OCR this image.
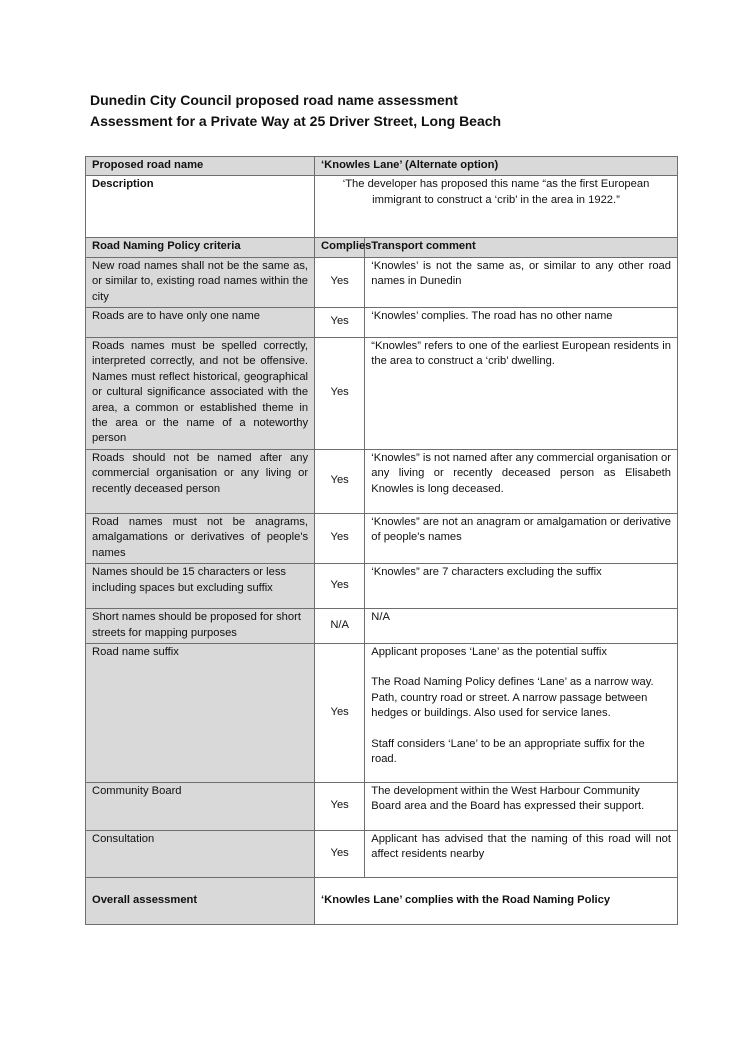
Dunedin City Council proposed road name assessment
Assessment for a Private Way at 25 Driver Street, Long Beach
Proposed road name	‘Knowles Lane’ (Alternate option)	
Description	‘The developer has proposed this name “as the first European immigrant to construct a ‘crib’ in the area in 1922.”	
Road Naming Policy criteria	Complies	Transport comment
New road names shall not be the same as, or similar to, existing road names within the city	Yes	‘Knowles’ is not the same as, or similar to any other road names in Dunedin
Roads are to have only one name	Yes	‘Knowles’ complies. The road has no other name
Roads names must be spelled correctly, interpreted correctly, and not be offensive. Names must reflect historical, geographical or cultural significance associated with the area, a common or established theme in the area or the name of a noteworthy person	Yes	“Knowles” refers to one of the earliest European residents in the area to construct a ‘crib’ dwelling.
Roads should not be named after any commercial organisation or any living or recently deceased person	Yes	‘Knowles” is not named after any commercial organisation or any living or recently deceased person as Elisabeth Knowles is long deceased.
Road names must not be anagrams, amalgamations or derivatives of people's names	Yes	‘Knowles” are not an anagram or amalgamation or derivative of people's names
Names should be 15 characters or less including spaces but excluding suffix	Yes	‘Knowles” are 7 characters excluding the suffix
Short names should be proposed for short streets for mapping purposes	N/A	N/A
Road name suffix	Yes	Applicant proposes ‘Lane’ as the potential suffix

The Road Naming Policy defines ‘Lane’ as a narrow way. Path, country road or street. A narrow passage between hedges or buildings. Also used for service lanes.

Staff considers ‘Lane’ to be an appropriate suffix for the road.

Community Board	Yes	The development within the West Harbour Community Board area and the Board has expressed their support.
Consultation	Yes	Applicant has advised that the naming of this road will not affect residents nearby
Overall assessment	‘Knowles Lane’ complies with the Road Naming Policy	
